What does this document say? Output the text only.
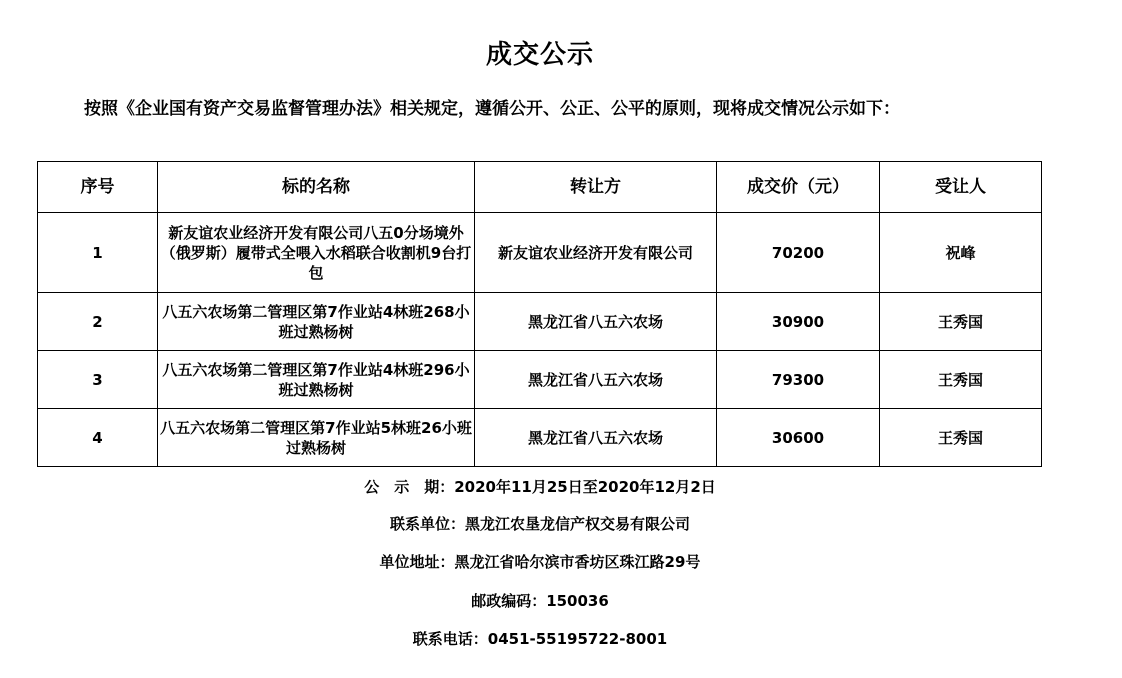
成交公示
按照《企业国有资产交易监督管理办法》相关规定，遵循公开、公正、公平的原则，现将成交情况公示如下：
序号	标的名称	转让方	成交价（元）	受让人
1	新友谊农业经济开发有限公司八五0分场境外（俄罗斯）履带式全喂入水稻联合收割机9台打包	新友谊农业经济开发有限公司	70200	祝峰
2	八五六农场第二管理区第7作业站4林班268小班过熟杨树	黑龙江省八五六农场	30900	王秀国
3	八五六农场第二管理区第7作业站4林班296小班过熟杨树	黑龙江省八五六农场	79300	王秀国
4	八五六农场第二管理区第7作业站5林班26小班过熟杨树	黑龙江省八五六农场	30600	王秀国
公　示　期：2020年11月25日至2020年12月2日
联系单位：黑龙江农垦龙信产权交易有限公司
单位地址：黑龙江省哈尔滨市香坊区珠江路29号
邮政编码：150036
联系电话：0451-55195722-8001
